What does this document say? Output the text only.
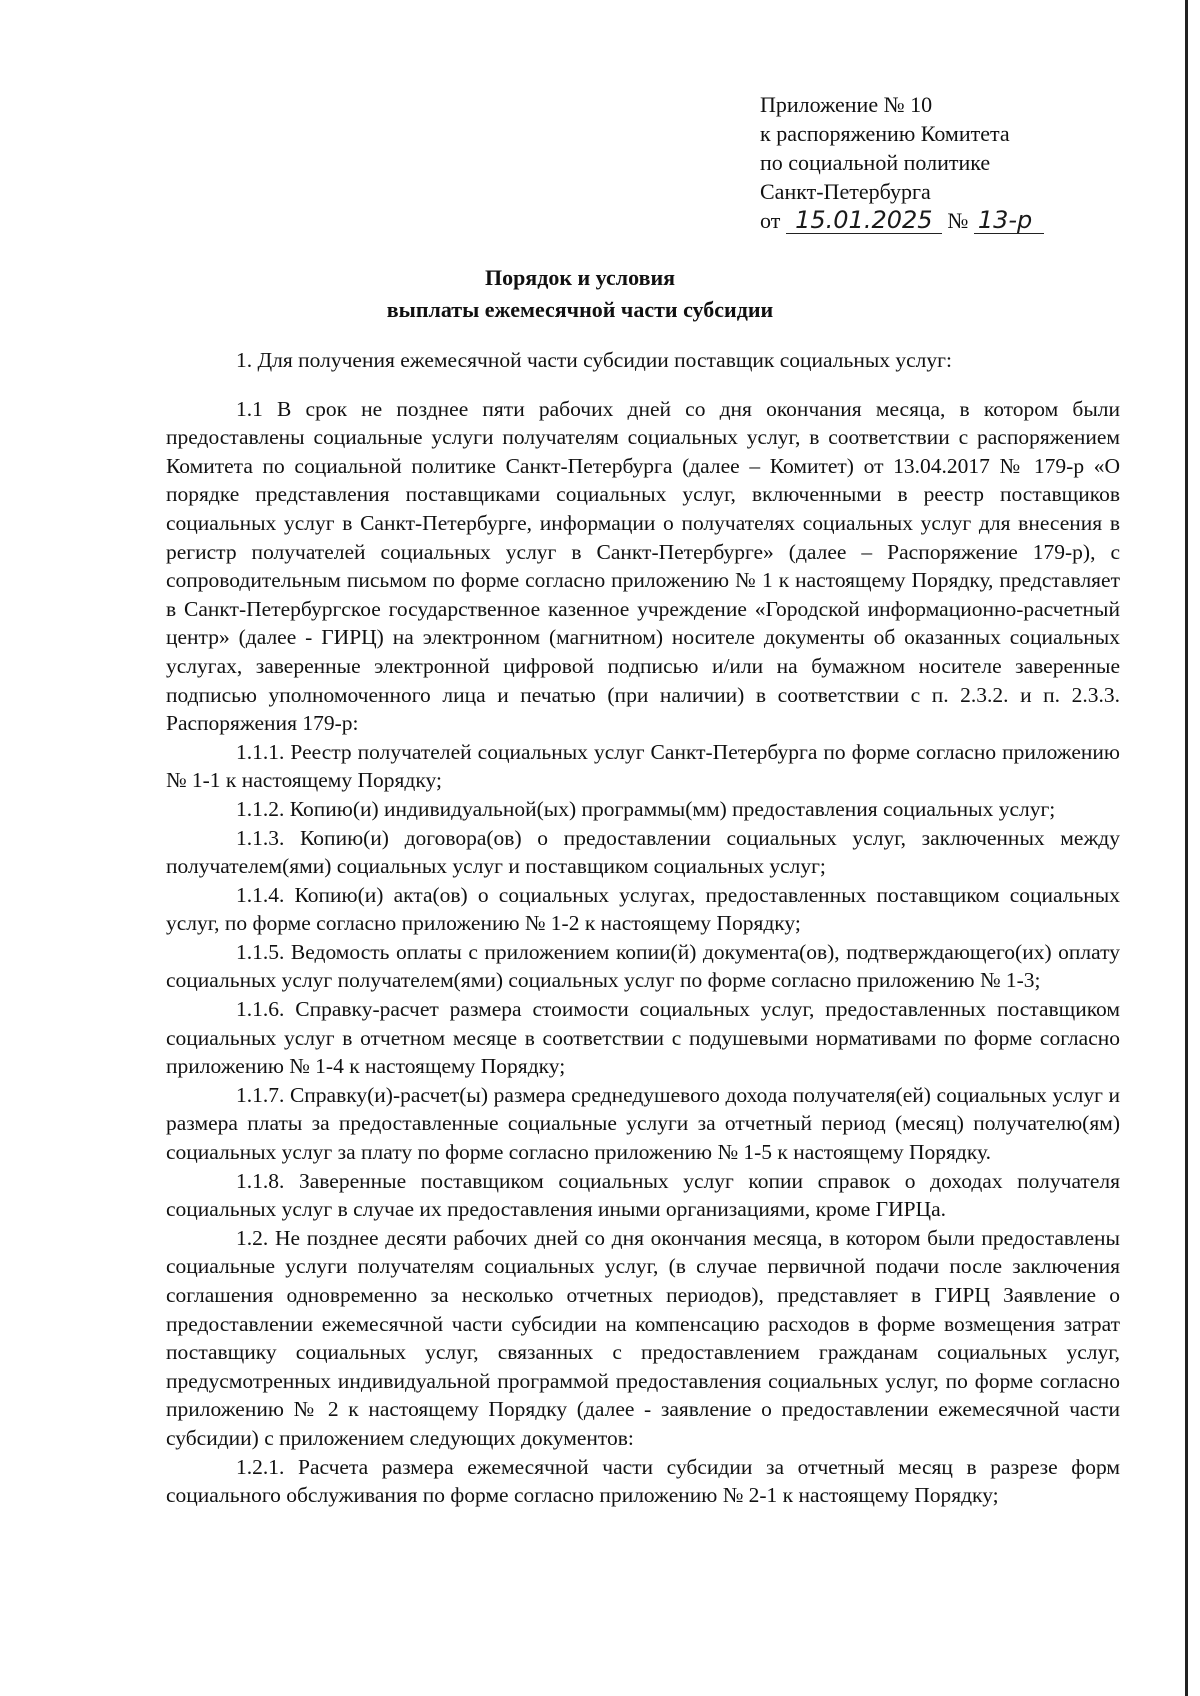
Приложение № 10
к распоряжению Комитета
по социальной политике
Санкт-Петербурга
от 15.01.2025 № 13-р
Порядок и условия
выплаты ежемесячной части субсидии

1. Для получения ежемесячной части субсидии поставщик социальных услуг:

1.1 В срок не позднее пяти рабочих дней со дня окончания месяца, в котором были предоставлены социальные услуги получателям социальных услуг, в соответствии с распоряжением Комитета по социальной политике Санкт-Петербурга (далее – Комитет) от 13.04.2017 № 179-р «О порядке представления поставщиками социальных услуг, включенными в реестр поставщиков социальных услуг в Санкт-Петербурге, информации о получателях социальных услуг для внесения в регистр получателей социальных услуг в Санкт-Петербурге» (далее – Распоряжение 179-р), с сопроводительным письмом по форме согласно приложению № 1 к настоящему Порядку, представляет в Санкт-Петербургское государственное казенное учреждение «Городской информационно-расчетный центр» (далее - ГИРЦ) на электронном (магнитном) носителе документы об оказанных социальных услугах, заверенные электронной цифровой подписью и/или на бумажном носителе заверенные подписью уполномоченного лица и печатью (при наличии) в соответствии с п. 2.3.2. и п. 2.3.3. Распоряжения 179-р:

1.1.1. Реестр получателей социальных услуг Санкт-Петербурга по форме согласно приложению № 1-1 к настоящему Порядку;

1.1.2. Копию(и) индивидуальной(ых) программы(мм) предоставления социальных услуг;

1.1.3. Копию(и) договора(ов) о предоставлении социальных услуг, заключенных между получателем(ями) социальных услуг и поставщиком социальных услуг;

1.1.4. Копию(и) акта(ов) о социальных услугах, предоставленных поставщиком социальных услуг, по форме согласно приложению № 1-2 к настоящему Порядку;

1.1.5. Ведомость оплаты с приложением копии(й) документа(ов), подтверждающего(их) оплату социальных услуг получателем(ями) социальных услуг по форме согласно приложению № 1-3;

1.1.6. Справку-расчет размера стоимости социальных услуг, предоставленных поставщиком социальных услуг в отчетном месяце в соответствии с подушевыми нормативами по форме согласно приложению № 1-4 к настоящему Порядку;

1.1.7. Справку(и)-расчет(ы) размера среднедушевого дохода получателя(ей) социальных услуг и размера платы за предоставленные социальные услуги за отчетный период (месяц) получателю(ям) социальных услуг за плату по форме согласно приложению № 1-5 к настоящему Порядку.

1.1.8. Заверенные поставщиком социальных услуг копии справок о доходах получателя социальных услуг в случае их предоставления иными организациями, кроме ГИРЦа.

1.2. Не позднее десяти рабочих дней со дня окончания месяца, в котором были предоставлены социальные услуги получателям социальных услуг, (в случае первичной подачи после заключения соглашения одновременно за несколько отчетных периодов), представляет в ГИРЦ Заявление о предоставлении ежемесячной части субсидии на компенсацию расходов в форме возмещения затрат поставщику социальных услуг, связанных с предоставлением гражданам социальных услуг, предусмотренных индивидуальной программой предоставления социальных услуг, по форме согласно приложению № 2 к настоящему Порядку (далее - заявление о предоставлении ежемесячной части субсидии) с приложением следующих документов:

1.2.1. Расчета размера ежемесячной части субсидии за отчетный месяц в разрезе форм социального обслуживания по форме согласно приложению № 2-1 к настоящему Порядку;
